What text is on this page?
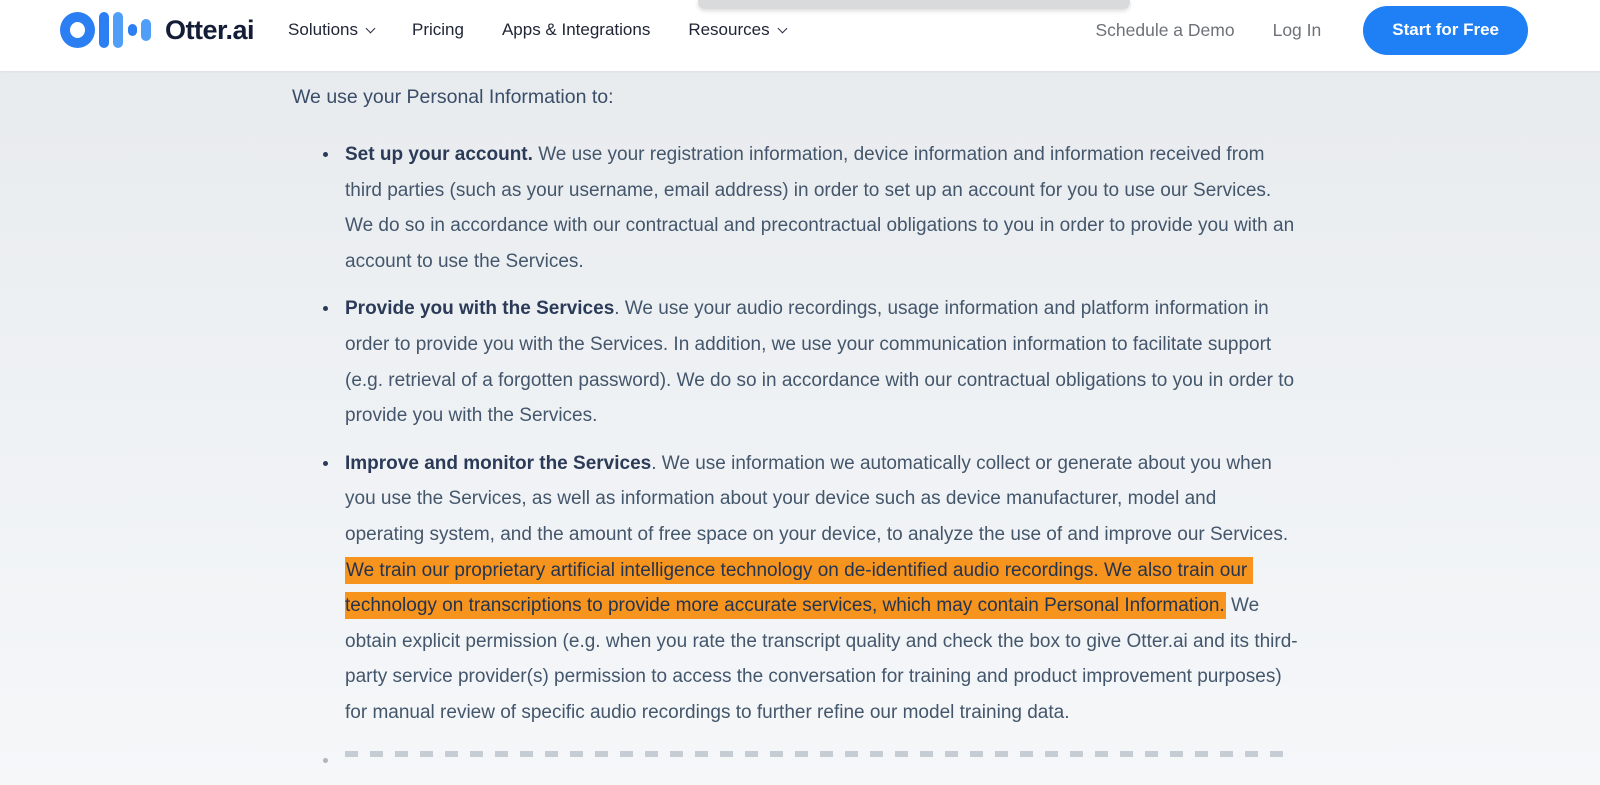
Otter.ai Solutions	Pricing Apps & Integrations Resources	Schedule a Demo Log In	Start for Free

We use your Personal Information to:

Set up your account. We use your registration information, device information and information received from third parties (such as your username, email address) in order to set up an account for you to use our Services. We do so in accordance with our contractual and precontractual obligations to you in order to provide you with an account to use the Services.

Provide you with the Services. We use your audio recordings, usage information and platform information in order to provide you with the Services. In addition, we use your communication information to facilitate support (e.g. retrieval of a forgotten password). We do so in accordance with our contractual obligations to you in order to provide you with the Services.

Improve and monitor the Services. We use information we automatically collect or generate about you when you use the Services, as well as information about your device such as device manufacturer, model and operating system, and the amount of free space on your device, to analyze the use of and improve our Services. We train our proprietary artificial intelligence technology on de-identified audio recordings. We also train our technology on transcriptions to provide more accurate services, which may contain Personal Information. We obtain explicit permission (e.g. when you rate the transcript quality and check the box to give Otter.ai and its third-party service provider(s) permission to access the conversation for training and product improvement purposes)  for manual review of specific audio recordings to further refine our model training data.
